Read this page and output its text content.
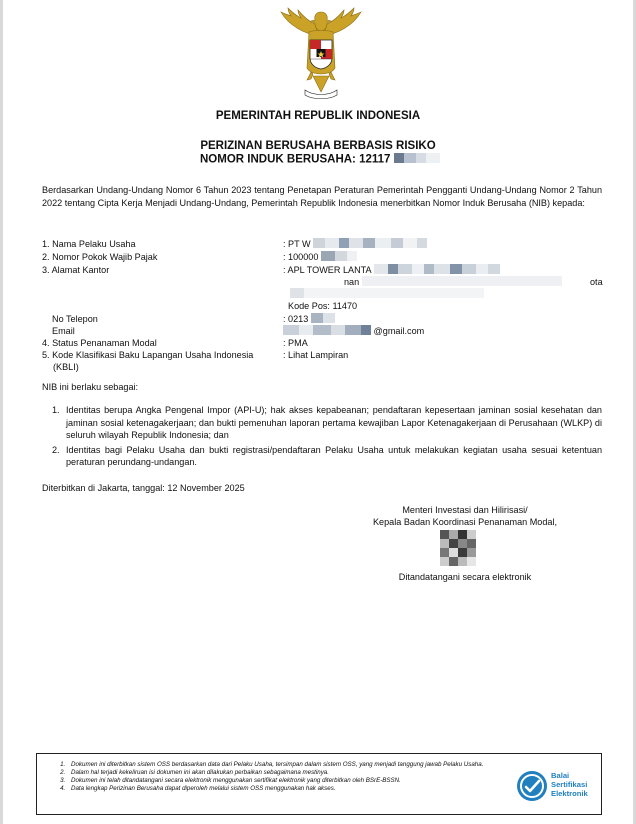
PEMERINTAH REPUBLIK INDONESIA
PERIZINAN BERUSAHA BERBASIS RISIKO
NOMOR INDUK BERUSAHA: 12117
Berdasarkan Undang-Undang Nomor 6 Tahun 2023 tentang Penetapan Peraturan Pemerintah Pengganti Undang-Undang Nomor 2 Tahun 2022 tentang Cipta Kerja Menjadi Undang-Undang, Pemerintah Republik Indonesia menerbitkan Nomor Induk Berusaha (NIB) kepada:
1. Nama Pelaku Usaha	: PT W
2. Nomor Pokok Wajib Pajak	: 100000
3. Alamat Kantor	: APL TOWER LANTA
nan	ota
Kode Pos: 11470
No Telepon	: 0213
Email	@gmail.com
4. Status Penanaman Modal	: PMA
5. Kode Klasifikasi Baku Lapangan Usaha Indonesia	: Lihat Lampiran
(KBLI)
NIB ini berlaku sebagai:
1. Identitas berupa Angka Pengenal Impor (API-U); hak akses kepabeanan; pendaftaran kepesertaan jaminan sosial kesehatan dan jaminan sosial ketenagakerjaan; dan bukti pemenuhan laporan pertama kewajiban Lapor Ketenagakerjaan di Perusahaan (WLKP) di seluruh wilayah Republik Indonesia; dan
2. Identitas bagi Pelaku Usaha dan bukti registrasi/pendaftaran Pelaku Usaha untuk melakukan kegiatan usaha sesuai ketentuan peraturan perundang-undangan.
Diterbitkan di Jakarta, tanggal: 12 November 2025
Menteri Investasi dan Hilirisasi/
Kepala Badan Koordinasi Penanaman Modal,
Ditandatangani secara elektronik
1. Dokumen ini diterbitkan sistem OSS berdasarkan data dari Pelaku Usaha, tersimpan dalam sistem OSS, yang menjadi tanggung jawab Pelaku Usaha.
2. Dalam hal terjadi kekeliruan isi dokumen ini akan dilakukan perbaikan sebagaimana mestinya.
3. Dokumen ini telah ditandatangani secara elektronik menggunakan sertifikat elektronik yang diterbitkan oleh BSrE-BSSN.
4. Data lengkap Perizinan Berusaha dapat diperoleh melalui sistem OSS menggunakan hak akses.
Balai
Sertifikasi
Elektronik
